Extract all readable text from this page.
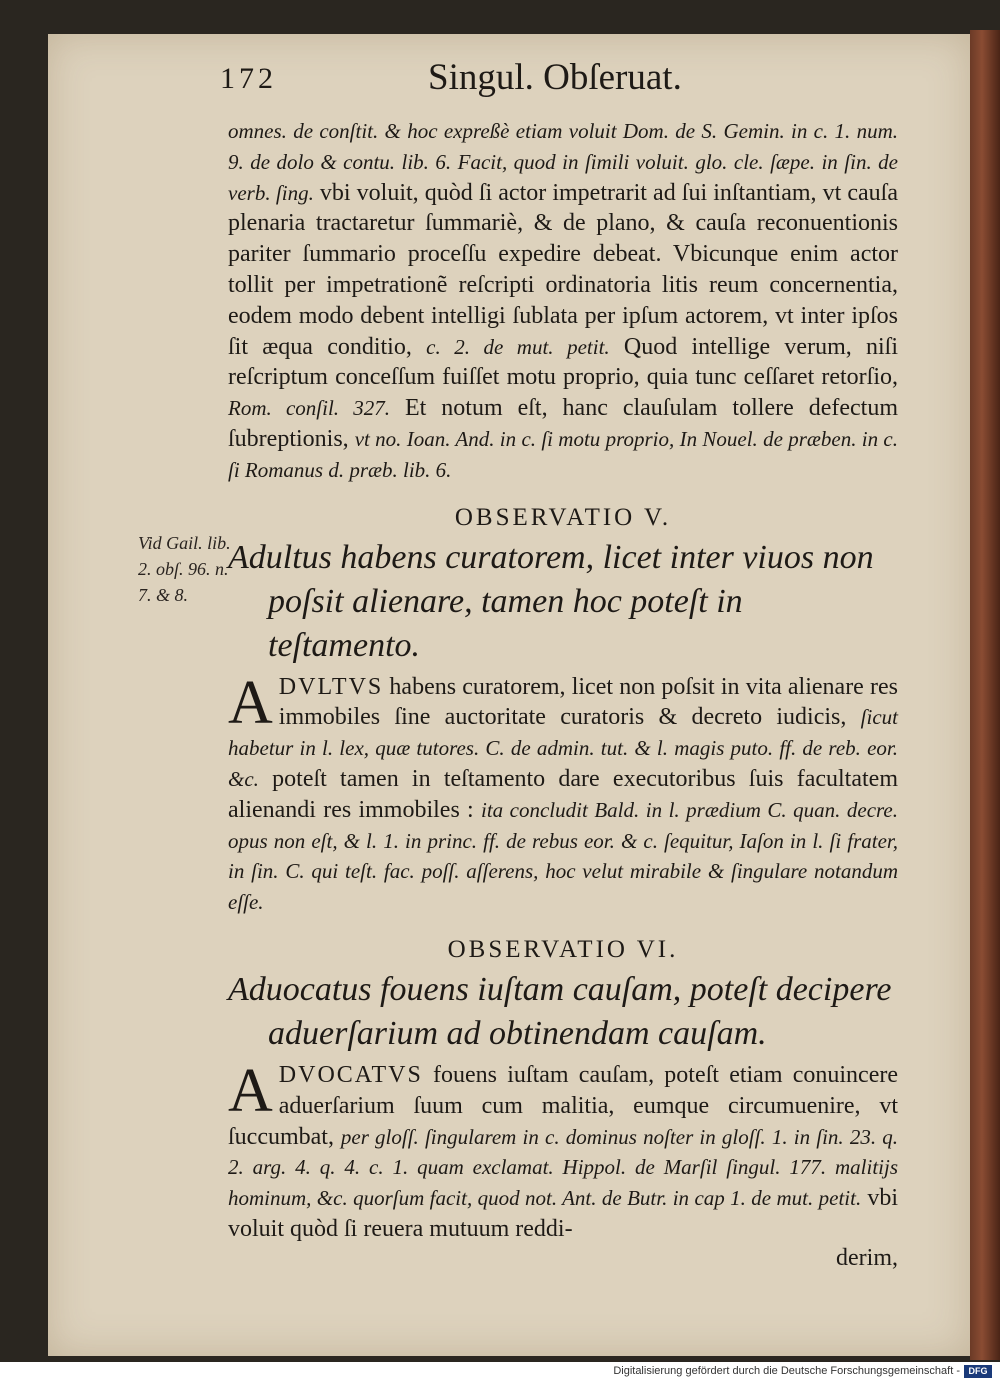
Vid Gail. lib. 2. obſ. 96. n. 7. & 8.
172	Singul. Obſeruat.

omnes. de conſtit. & hoc expreßè etiam voluit Dom. de S. Gemin. in c. 1. num. 9. de dolo & contu. lib. 6. Facit, quod in ſimili voluit. glo. cle. ſæpe. in ſin. de verb. ſing. vbi voluit, quòd ſi actor impetrarit ad ſui inſtantiam, vt cauſa plenaria tractaretur ſummariè, & de plano, & cauſa reconuentionis pariter ſummario proceſſu expedire debeat. Vbicunque enim actor tollit per impetrationẽ reſcripti ordinatoria litis reum concernentia, eodem modo debent intelligi ſublata per ipſum actorem, vt inter ipſos ſit æqua conditio, c. 2. de mut. petit. Quod intellige verum, niſi reſcriptum conceſſum fuiſſet motu proprio, quia tunc ceſſaret retorſio, Rom. conſil. 327. Et notum eſt, hanc clauſulam tollere defectum ſubreptionis, vt no. Ioan. And. in c. ſi motu proprio, In Nouel. de præben. in c. ſi Romanus d. præb. lib. 6.

OBSERVATIO V.
Adultus habens curatorem, licet inter viuos non
poſsit alienare, tamen hoc poteſt in teſtamento.

ADVLTVS habens curatorem, licet non poſsit in vita alienare res immobiles ſine auctoritate curatoris & decreto iudicis, ſicut habetur in l. lex, quæ tutores. C. de admin. tut. & l. magis puto. ff. de reb. eor. &c. poteſt tamen in teſtamento dare executoribus ſuis facultatem alienandi res immobiles : ita concludit Bald. in l. prædium C. quan. decre. opus non eſt, & l. 1. in princ. ff. de rebus eor. & c. ſequitur, Iaſon in l. ſi frater, in ſin. C. qui teſt. fac. poſſ. aſſerens, hoc velut mirabile & ſingulare notandum eſſe.

OBSERVATIO VI.
Aduocatus fouens iuſtam cauſam, poteſt decipere
aduerſarium ad obtinendam cauſam.

ADVOCATVS fouens iuſtam cauſam, poteſt etiam conuincere aduerſarium ſuum cum malitia, eumque circumuenire, vt ſuccumbat, per gloſſ. ſingularem in c. dominus noſter in gloſſ. 1. in ſin. 23. q. 2. arg. 4. q. 4. c. 1. quam exclamat. Hippol. de Marſil ſingul. 177. malitijs hominum, &c. quorſum facit, quod not. Ant. de Butr. in cap 1. de mut. petit. vbi voluit quòd ſi reuera mutuum reddi-

derim,
Digitalisierung gefördert durch die Deutsche Forschungsgemeinschaft - DFG
